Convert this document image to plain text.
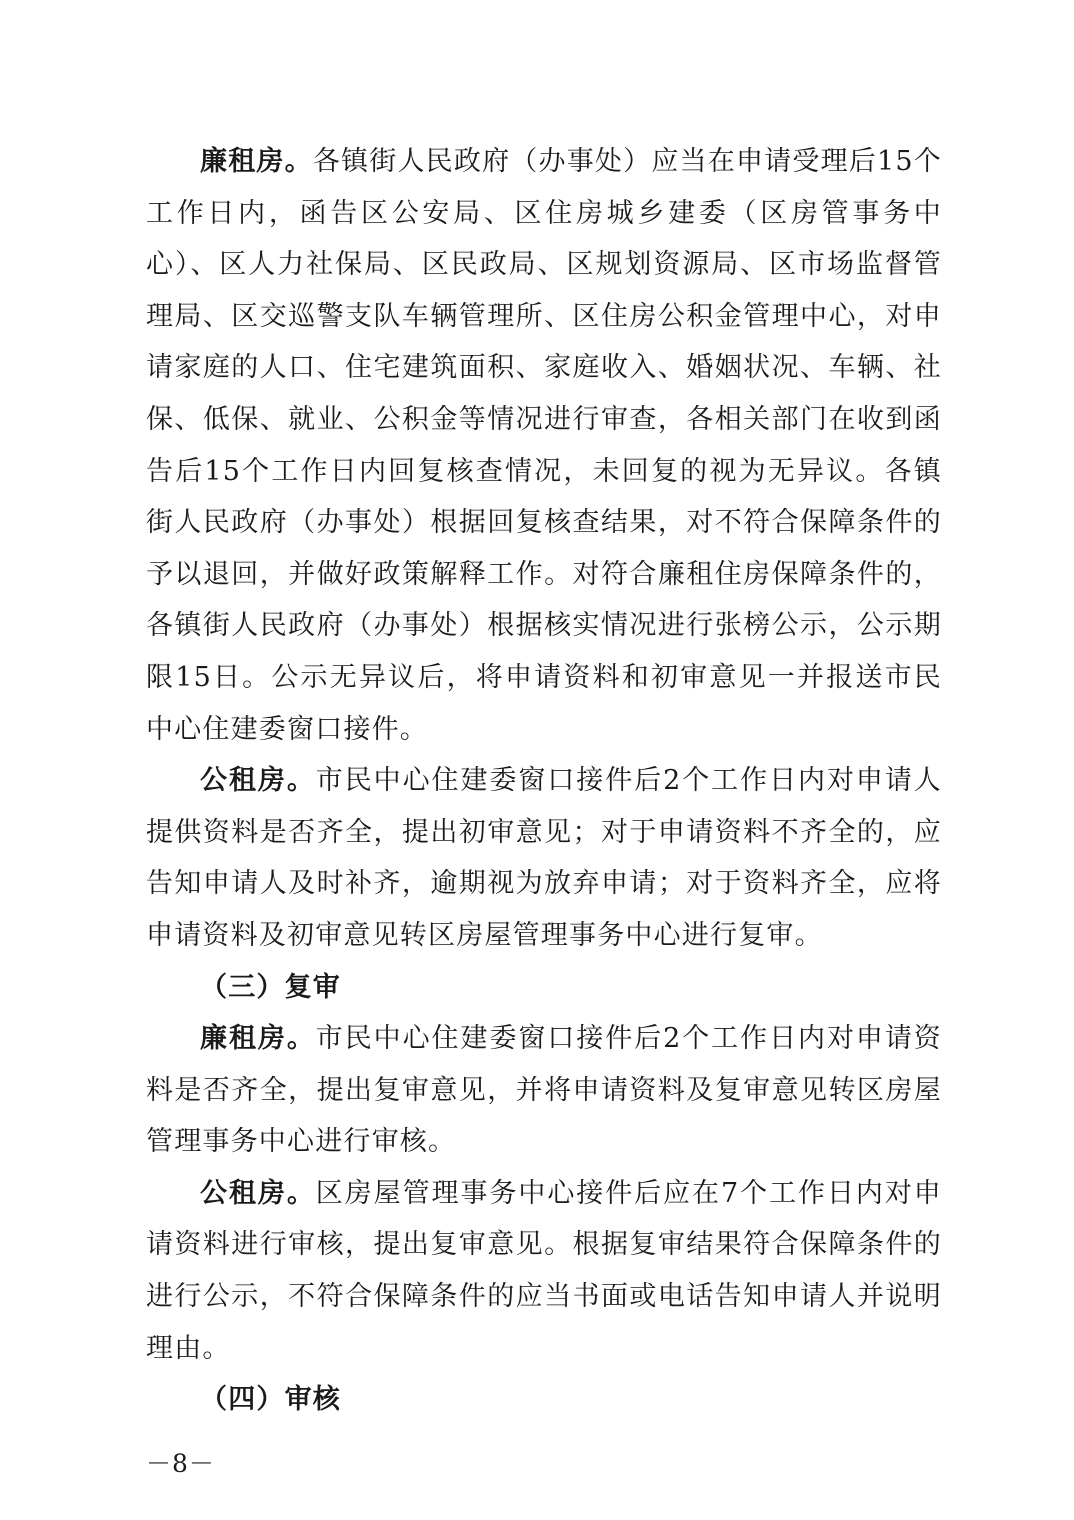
廉租房。各镇街人民政府（办事处）应当在申请受理后15个工作日内，函告区公安局、区住房城乡建委（区房管事务中心）、区人力社保局、区民政局、区规划资源局、区市场监督管理局、区交巡警支队车辆管理所、区住房公积金管理中心，对申请家庭的人口、住宅建筑面积、家庭收入、婚姻状况、车辆、社保、低保、就业、公积金等情况进行审查，各相关部门在收到函告后15个工作日内回复核查情况，未回复的视为无异议。各镇街人民政府（办事处）根据回复核查结果，对不符合保障条件的予以退回，并做好政策解释工作。对符合廉租住房保障条件的，各镇街人民政府（办事处）根据核实情况进行张榜公示，公示期限15日。公示无异议后，将申请资料和初审意见一并报送市民中心住建委窗口接件。

公租房。市民中心住建委窗口接件后2个工作日内对申请人提供资料是否齐全，提出初审意见；对于申请资料不齐全的，应告知申请人及时补齐，逾期视为放弃申请；对于资料齐全，应将申请资料及初审意见转区房屋管理事务中心进行复审。

（三）复审

廉租房。市民中心住建委窗口接件后2个工作日内对申请资料是否齐全，提出复审意见，并将申请资料及复审意见转区房屋管理事务中心进行审核。

公租房。区房屋管理事务中心接件后应在7个工作日内对申请资料进行审核，提出复审意见。根据复审结果符合保障条件的进行公示，不符合保障条件的应当书面或电话告知申请人并说明理由。

（四）审核

－8－
